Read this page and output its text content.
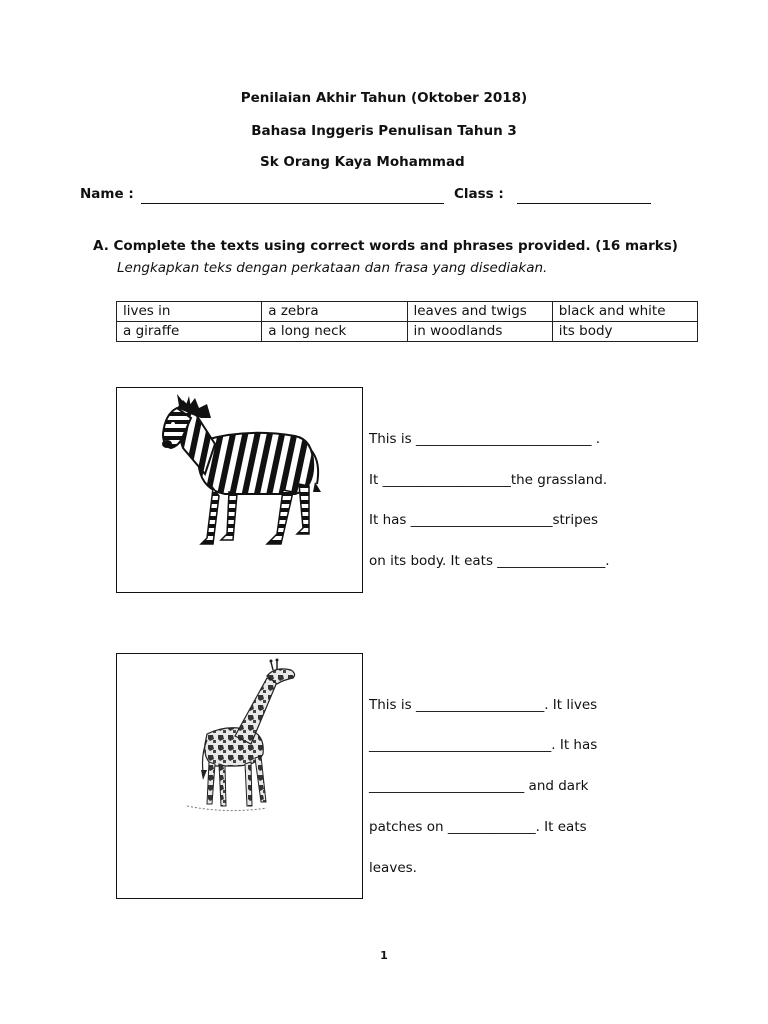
Penilaian Akhir Tahun (Oktober 2018)
Bahasa Inggeris Penulisan Tahun 3
Sk Orang Kaya Mohammad
Name :	Class :
A. Complete the texts using correct words and phrases provided. (16 marks)
Lengkapkan teks dengan perkataan dan frasa yang disediakan.
lives in	a zebra	leaves and twigs	black and white
a giraffe	a long neck	in woodlands	its body
This is __________________________ .
It ___________________the grassland.
It has _____________________stripes
on its body. It eats ________________.
This is ___________________. It lives
___________________________. It has
_______________________ and dark
patches on _____________. It eats
leaves.
1
